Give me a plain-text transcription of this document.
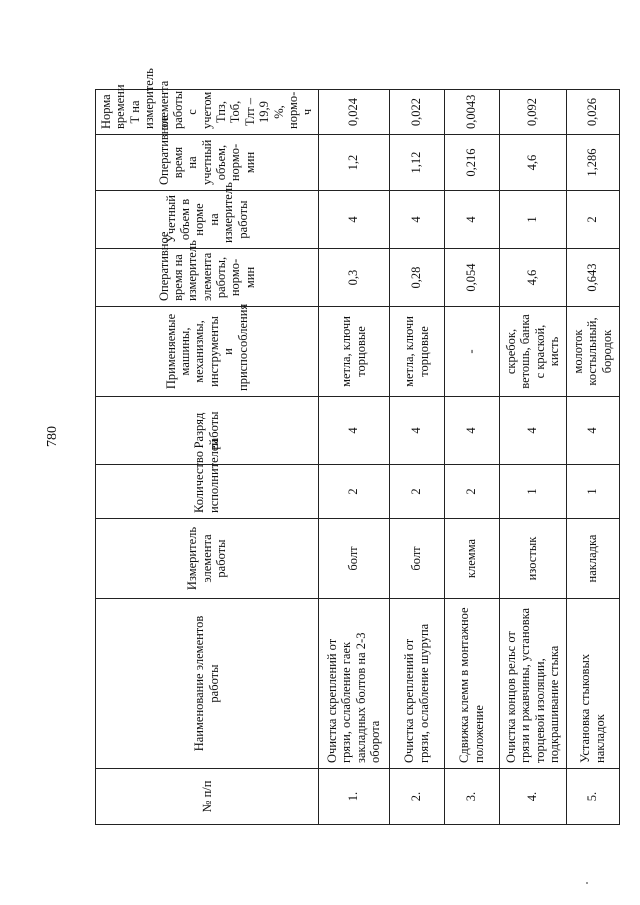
780
№ п/п	Наименование элементов работы	Измеритель элемента работы	Количество исполнителей	Разряд работы	Применяемые машины, механизмы, инструменты и приспособления	Оперативное время на измеритель элемента работы, нормо-мин	Учетный объем в норме на измеритель работы	Оперативное время на учетный объем, нормо-мин	Норма времени Т на измеритель элемента работы с учетом Тпз, Тоб, Тлт – 19,9 %, нормо-ч
1.	Очистка скреплений от грязи, ослабление гаек закладных болтов на 2-3 оборота	болт	2	4	метла, ключи торцовые	0,3	4	1,2	0,024
2.	Очистка скреплений от грязи, ослабление шурупа	болт	2	4	метла, ключи торцовые	0,28	4	1,12	0,022
3.	Сдвижка клемм в монтажное положение	клемма	2	4	-	0,054	4	0,216	0,0043
4.	Очистка концов рельс от грязи и ржавчины, установка торцевой изоляции, подкрашивание стыка	изостык	1	4	скребок, ветошь, банка с краской, кисть	4,6	1	4,6	0,092
5.	Установка стыковых накладок	накладка	1	4	молоток костыльный, бородок	0,643	2	1,286	0,026
